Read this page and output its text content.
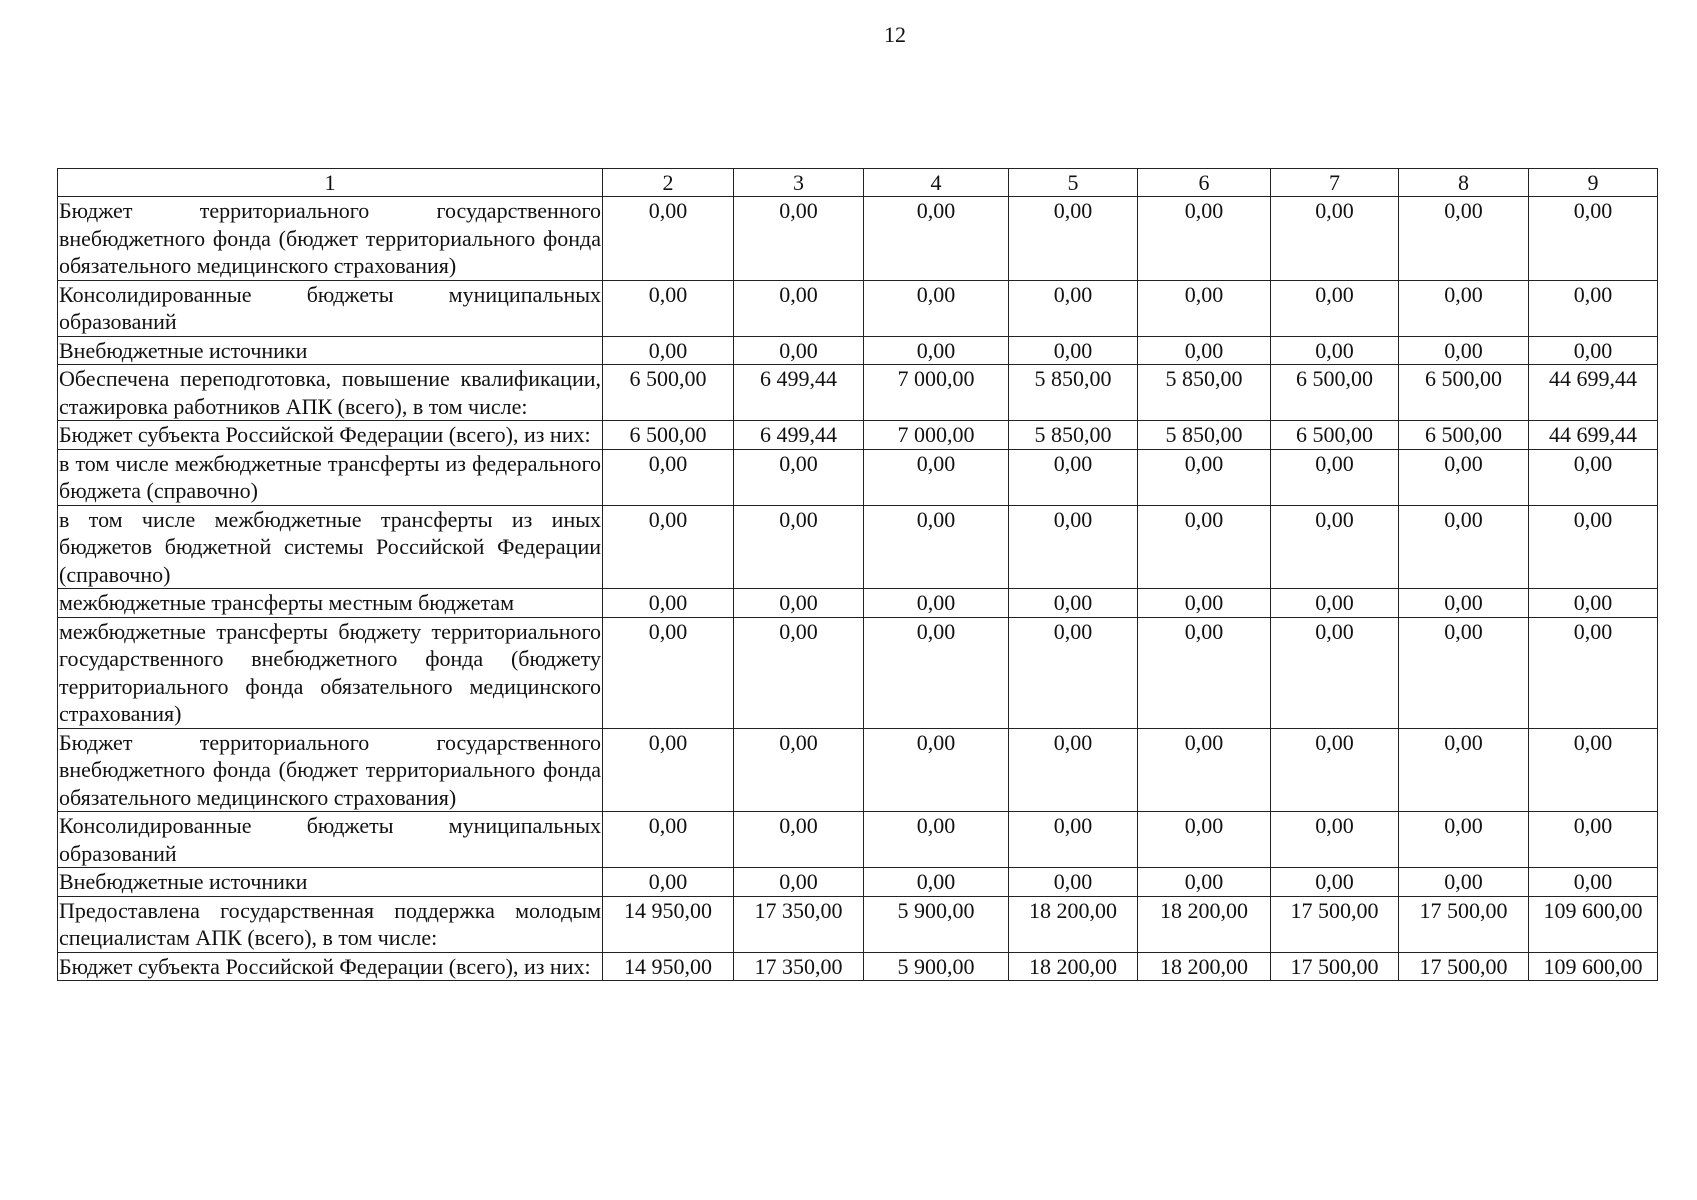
12
1	2	3	4	5	6	7	8	9
Бюджет территориального государственного внебюджетного фонда (бюджет территориального фонда обязательного медицинского страхования)	0,00	0,00	0,00	0,00	0,00	0,00	0,00	0,00
Консолидированные бюджеты муниципальных образований	0,00	0,00	0,00	0,00	0,00	0,00	0,00	0,00
Внебюджетные источники	0,00	0,00	0,00	0,00	0,00	0,00	0,00	0,00
Обеспечена переподготовка, повышение квалификации, стажировка работников АПК (всего), в том числе:	6 500,00	6 499,44	7 000,00	5 850,00	5 850,00	6 500,00	6 500,00	44 699,44
Бюджет субъекта Российской Федерации (всего), из них:	6 500,00	6 499,44	7 000,00	5 850,00	5 850,00	6 500,00	6 500,00	44 699,44
в том числе межбюджетные трансферты из федерального бюджета (справочно)	0,00	0,00	0,00	0,00	0,00	0,00	0,00	0,00
в том числе межбюджетные трансферты из иных бюджетов бюджетной системы Российской Федерации (справочно)	0,00	0,00	0,00	0,00	0,00	0,00	0,00	0,00
межбюджетные трансферты местным бюджетам	0,00	0,00	0,00	0,00	0,00	0,00	0,00	0,00
межбюджетные трансферты бюджету территориального государственного внебюджетного фонда (бюджету территориального фонда обязательного медицинского страхования)	0,00	0,00	0,00	0,00	0,00	0,00	0,00	0,00
Бюджет территориального государственного внебюджетного фонда (бюджет территориального фонда обязательного медицинского страхования)	0,00	0,00	0,00	0,00	0,00	0,00	0,00	0,00
Консолидированные бюджеты муниципальных образований	0,00	0,00	0,00	0,00	0,00	0,00	0,00	0,00
Внебюджетные источники	0,00	0,00	0,00	0,00	0,00	0,00	0,00	0,00
Предоставлена государственная поддержка молодым специалистам АПК (всего), в том числе:	14 950,00	17 350,00	5 900,00	18 200,00	18 200,00	17 500,00	17 500,00	109 600,00
Бюджет субъекта Российской Федерации (всего), из них:	14 950,00	17 350,00	5 900,00	18 200,00	18 200,00	17 500,00	17 500,00	109 600,00
